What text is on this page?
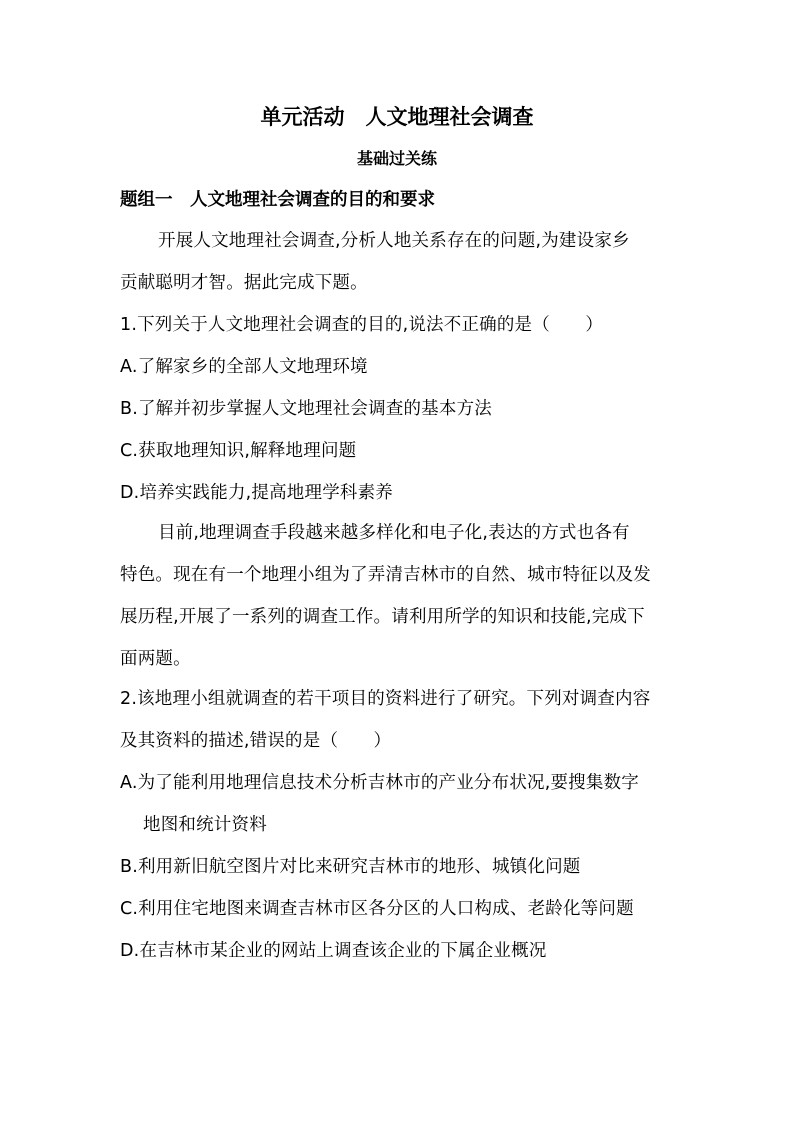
单元活动　人文地理社会调查
基础过关练
题组一　人文地理社会调查的目的和要求
开展人文地理社会调查,分析人地关系存在的问题,为建设家乡
贡献聪明才智。据此完成下题。
1.下列关于人文地理社会调查的目的,说法不正确的是（　　）
A.了解家乡的全部人文地理环境
B.了解并初步掌握人文地理社会调查的基本方法
C.获取地理知识,解释地理问题
D.培养实践能力,提高地理学科素养
目前,地理调查手段越来越多样化和电子化,表达的方式也各有
特色。现在有一个地理小组为了弄清吉林市的自然、城市特征以及发
展历程,开展了一系列的调查工作。请利用所学的知识和技能,完成下
面两题。
2.该地理小组就调查的若干项目的资料进行了研究。下列对调查内容
及其资料的描述,错误的是（　　）
A.为了能利用地理信息技术分析吉林市的产业分布状况,要搜集数字
地图和统计资料
B.利用新旧航空图片对比来研究吉林市的地形、城镇化问题
C.利用住宅地图来调查吉林市区各分区的人口构成、老龄化等问题
D.在吉林市某企业的网站上调查该企业的下属企业概况
